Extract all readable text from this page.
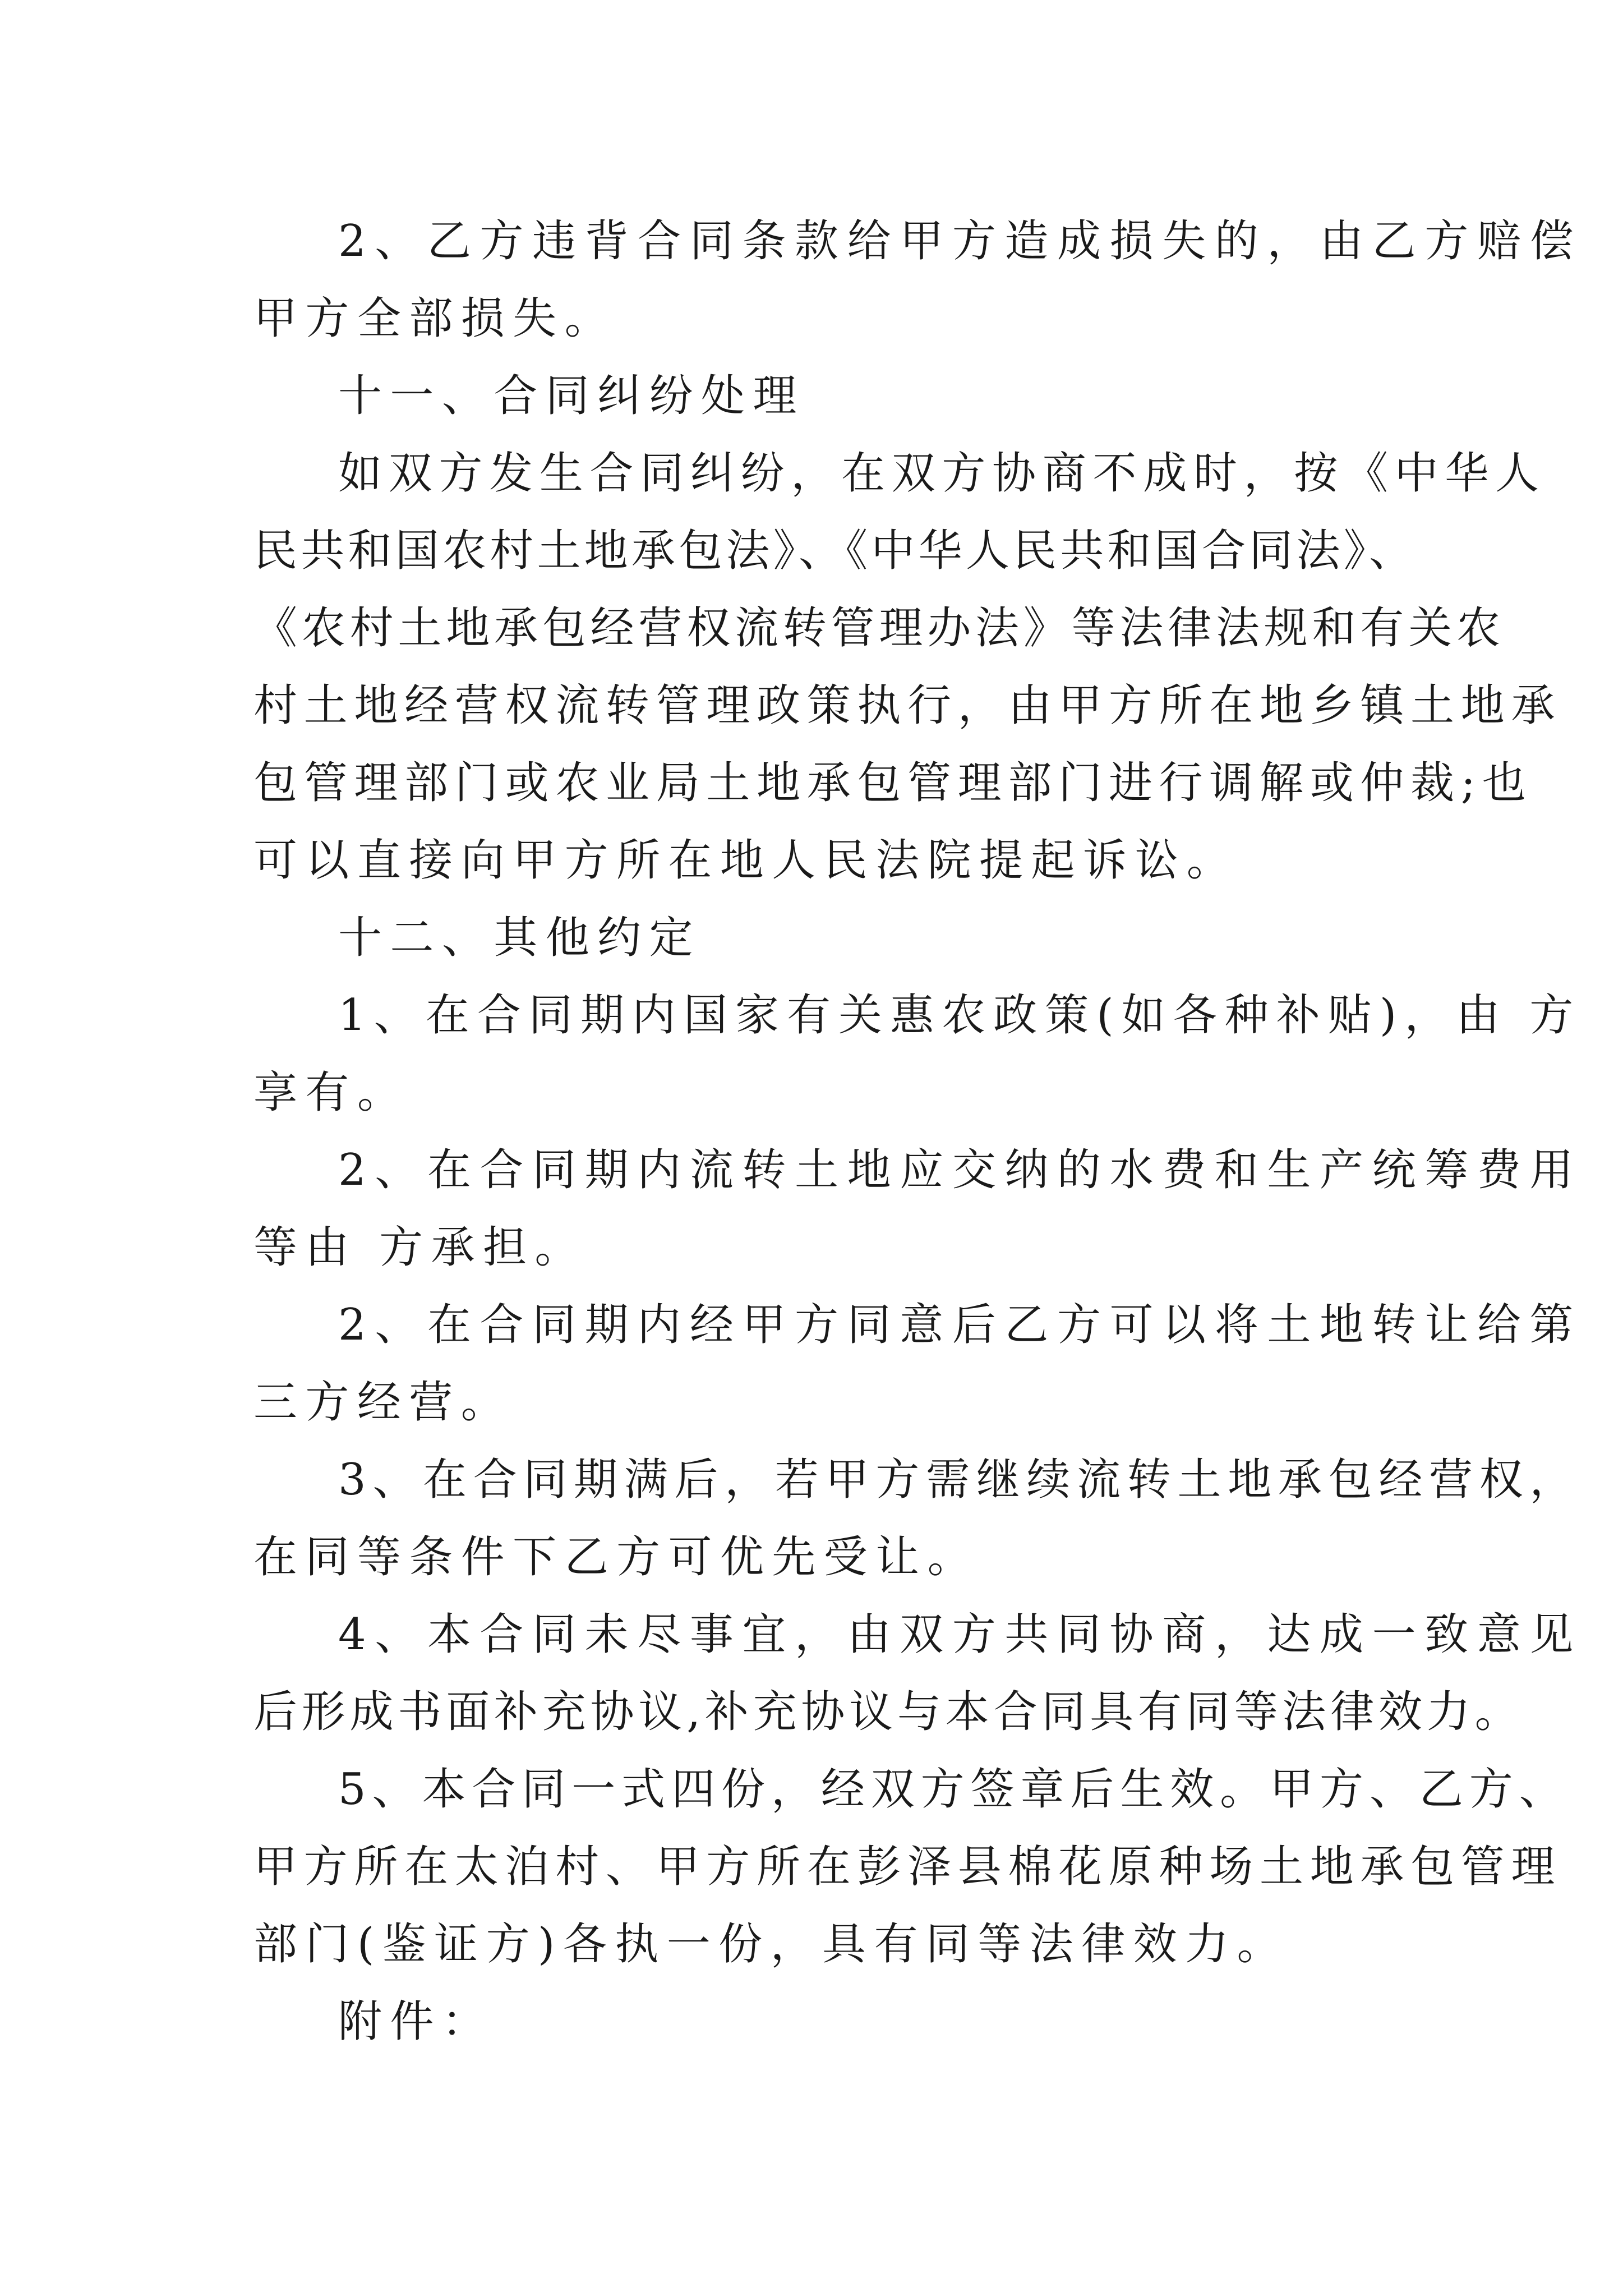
2、乙方违背合同条款给甲方造成损失的，由乙方赔偿

甲方全部损失。

十一、合同纠纷处理

如双方发生合同纠纷，在双方协商不成时，按《中华人

民共和国农村土地承包法》、《中华人民共和国合同法》、

《农村土地承包经营权流转管理办法》等法律法规和有关农

村土地经营权流转管理政策执行，由甲方所在地乡镇土地承

包管理部门或农业局土地承包管理部门进行调解或仲裁;也

可以直接向甲方所在地人民法院提起诉讼。

十二、其他约定

1、在合同期内国家有关惠农政策(如各种补贴)，由 方

享有。

2、在合同期内流转土地应交纳的水费和生产统筹费用

等由 方承担。

2、在合同期内经甲方同意后乙方可以将土地转让给第

三方经营。

3、在合同期满后，若甲方需继续流转土地承包经营权，

在同等条件下乙方可优先受让。

4、本合同未尽事宜，由双方共同协商，达成一致意见

后形成书面补充协议,补充协议与本合同具有同等法律效力。

5、本合同一式四份，经双方签章后生效。甲方、乙方、

甲方所在太泊村、甲方所在彭泽县棉花原种场土地承包管理

部门(鉴证方)各执一份，具有同等法律效力。

附件：
